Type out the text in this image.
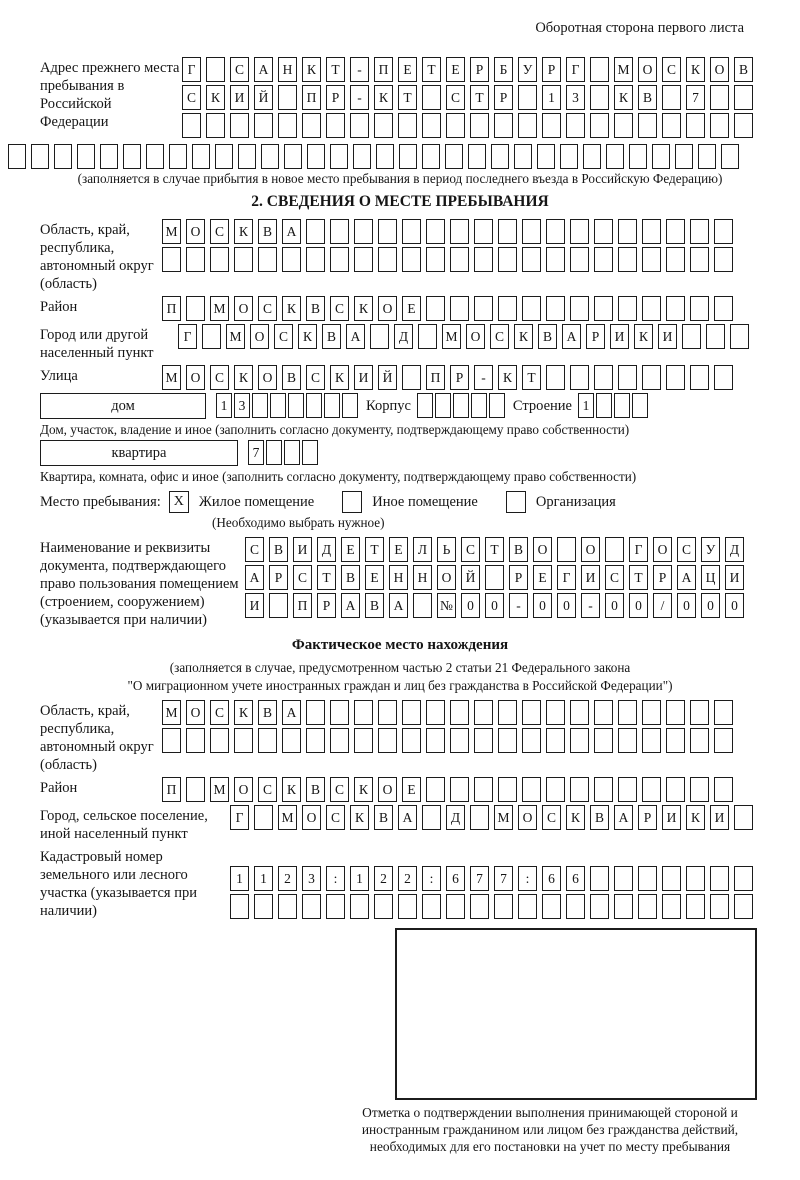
Оборотная сторона первого листа
Адрес прежнего места пребывания в Российской Федерации
Г	С	А	Н	К	Т	-	П	Е	Т	Е	Р	Б	У	Р	Г	М О	С	К	О	В
С	К	И	Й	П	Р	-	К	Т	С	Т	Р	1	3	К	В	7
(заполняется в случае прибытия в новое место пребывания в период последнего въезда в Российскую Федерацию)
2. СВЕДЕНИЯ О МЕСТЕ ПРЕБЫВАНИЯ
Область, край, республика, автономный округ (область)
М О	С	К	В	А
Район	П	М О	С	К	В	С	К	О	Е
Город или другой населенный пункт
Г	М О	С	К	В	А	Д	М О	С	К	В	А	Р	И	К	И
Улица	М О	С	К	О	В	С	К	И	Й	П	Р	-	К	Т
дом	1 3	Корпус	Строение 1
Дом, участок, владение и иное (заполнить согласно документу, подтверждающему право собственности)
квартира	7
Квартира, комната, офис и иное (заполнить согласно документу, подтверждающему право собственности)
Место пребывания: X	Жилое помещение	Иное помещение	Организация
(Необходимо выбрать нужное)
Наименование и реквизиты документа, подтверждающего право пользования помещением (строением, сооружением) (указывается при наличии)
С	В	И	Д	Е	Т	Е	Л	Ь	С	Т	В	О	О	Г	О	С	У	Д
А	Р	С	Т	В	Е	Н	Н	О	Й	Р	Е	Г	И	С	Т	Р	А	Ц	И
И	П	Р	А	В	А	№	0	0	-	0	0	-	0	0	/	0	0	0
Фактическое место нахождения
(заполняется в случае, предусмотренном частью 2 статьи 21 Федерального закона
"О миграционном учете иностранных граждан и лиц без гражданства в Российской Федерации")
Область, край, республика, автономный округ (область)
М О	С	К	В	А
Район	П	М О	С	К	В	С	К	О	Е
Город, сельское поселение, иной населенный пункт
Г	М О	С	К	В	А	Д	М О	С	К	В	А	Р	И	К	И
Кадастровый номер земельного или лесного участка (указывается при наличии)
1	1	2	3	:	1	2	2	:	6	7	7	:	6	6
Отметка о подтверждении выполнения принимающей стороной и иностранным гражданином или лицом без гражданства действий, необходимых для его постановки на учет по месту пребывания
